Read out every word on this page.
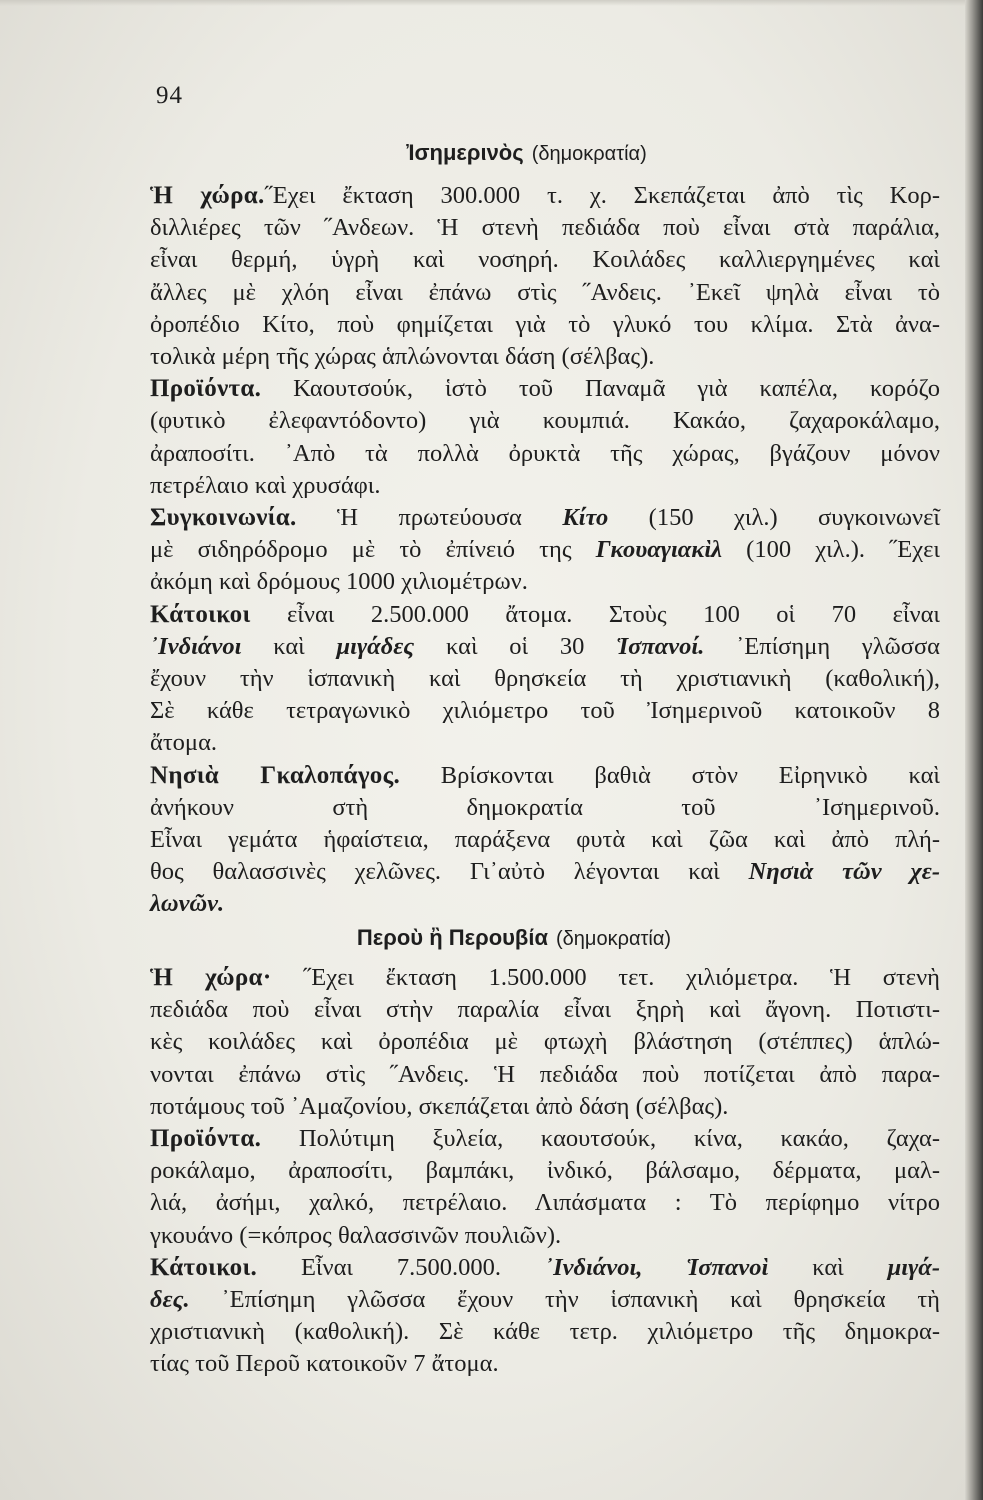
94
Ἰσημερινὸς (δημοκρατία)
Ἡ χώρα.˝Εχει ἔκταση 300.000 τ. χ. Σκεπάζεται ἀπὸ τὶς Κορ-
διλλιέρες τῶν ˝Ανδεων. Ἡ στενὴ πεδιάδα ποὺ εἶναι στὰ παράλια,
εἶναι θερμή, ὑγρὴ καὶ νοσηρή. Κοιλάδες καλλιεργημένες καὶ
ἄλλες μὲ χλόη εἶναι ἐπάνω στὶς ˝Ανδεις. ᾿Εκεῖ ψηλὰ εἶναι τὸ
ὀροπέδιο Κίτο, ποὺ φημίζεται γιὰ τὸ γλυκό του κλίμα. Στὰ ἀνα-
τολικὰ μέρη τῆς χώρας ἁπλώνονται δάση (σέλβας).
Προϊόντα. Καουτσούκ, ἱστὸ τοῦ Παναμᾶ γιὰ καπέλα, κορόζο
(φυτικὸ ἐλεφαντόδοντο) γιὰ κουμπιά. Κακάο, ζαχαροκάλαμο,
ἀραποσίτι. ᾿Απὸ τὰ πολλὰ ὀρυκτὰ τῆς χώρας, βγάζουν μόνον
πετρέλαιο καὶ χρυσάφι.
Συγκοινωνία. Ἡ πρωτεύουσα Κίτο (150 χιλ.) συγκοινωνεῖ
μὲ σιδηρόδρομο μὲ τὸ ἐπίνειό της Γκουαγιακὶλ (100 χιλ.). ˝Εχει
ἀκόμη καὶ δρόμους 1000 χιλιομέτρων.
Κάτοικοι εἶναι 2.500.000 ἄτομα. Στοὺς 100 οἱ 70 εἶναι
᾿Ινδιάνοι καὶ μιγάδες καὶ οἱ 30 Ἱσπανοί. ᾿Επίσημη γλῶσσα
ἔχουν τὴν ἱσπανικὴ καὶ θρησκεία τὴ χριστιανικὴ (καθολική),
Σὲ κάθε τετραγωνικὸ χιλιόμετρο τοῦ Ἰσημερινοῦ κατοικοῦν 8
ἄτομα.
Νησιὰ Γκαλοπάγος. Βρίσκονται βαθιὰ στὸν Εἰρηνικὸ καὶ
ἀνήκουν στὴ δημοκρατία τοῦ ᾿Ισημερινοῦ.
Εἶναι γεμάτα ἡφαίστεια, παράξενα φυτὰ καὶ ζῶα καὶ ἀπὸ πλή-
θος θαλασσινὲς χελῶνες. Γι᾿αὐτὸ λέγονται καὶ Νησιὰ τῶν χε-
λωνῶν.
Περοὺ ἢ Περουβία (δημοκρατία)
Ἡ χώρα· ˝Εχει ἔκταση 1.500.000 τετ. χιλιόμετρα. Ἡ στενὴ
πεδιάδα ποὺ εἶναι στὴν παραλία εἶναι ξηρὴ καὶ ἄγονη. Ποτιστι-
κὲς κοιλάδες καὶ ὀροπέδια μὲ φτωχὴ βλάστηση (στέππες) ἁπλώ-
νονται ἐπάνω στὶς ˝Ανδεις. Ἡ πεδιάδα ποὺ ποτίζεται ἀπὸ παρα-
ποτάμους τοῦ ᾿Αμαζονίου, σκεπάζεται ἀπὸ δάση (σέλβας).
Προϊόντα. Πολύτιμη ξυλεία, καουτσούκ, κίνα, κακάο, ζαχα-
ροκάλαμο, ἀραποσίτι, βαμπάκι, ἰνδικό, βάλσαμο, δέρματα, μαλ-
λιά, ἀσήμι, χαλκό, πετρέλαιο. Λιπάσματα : Τὸ περίφημο νίτρο
γκουάνο (=κόπρος θαλασσινῶν πουλιῶν).
Κάτοικοι. Εἶναι 7.500.000. ᾿Ινδιάνοι, Ἱσπανοὶ καὶ μιγά-
δες. ᾿Επίσημη γλῶσσα ἔχουν τὴν ἱσπανικὴ καὶ θρησκεία τὴ
χριστιανικὴ (καθολική). Σὲ κάθε τετρ. χιλιόμετρο τῆς δημοκρα-
τίας τοῦ Περοῦ κατοικοῦν 7 ἄτομα.
